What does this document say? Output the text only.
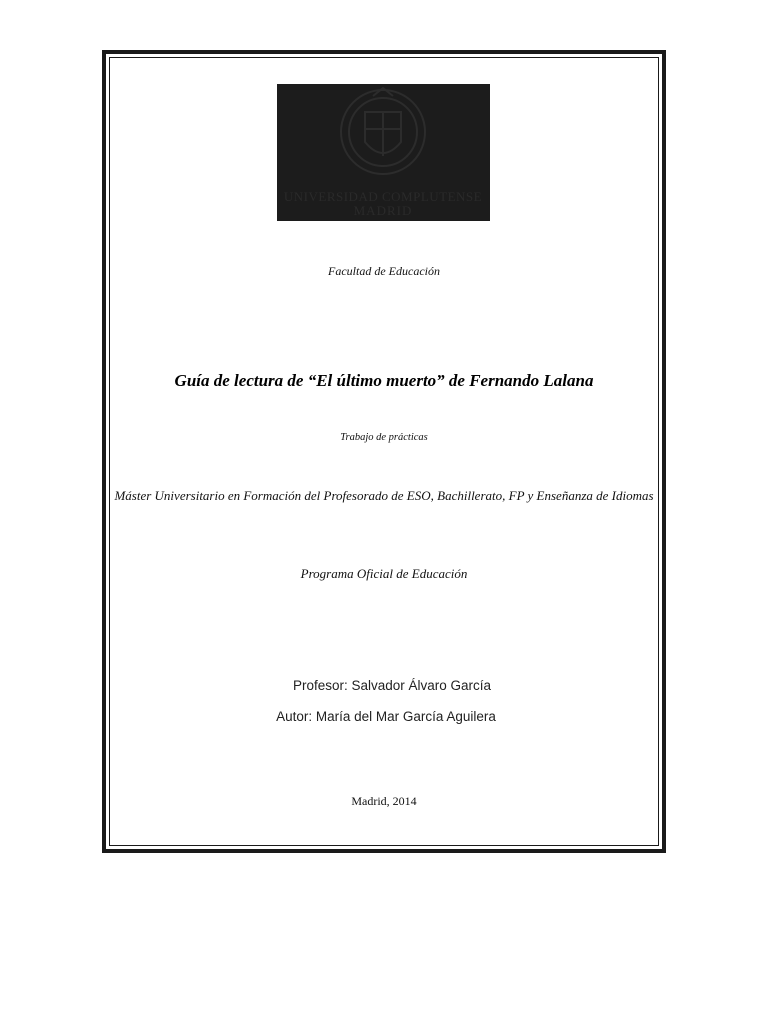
UNIVERSIDAD COMPLUTENSE
MADRID

Facultad de Educación

Guía de lectura de “El último muerto” de Fernando Lalana

Trabajo de prácticas

Máster Universitario en Formación del Profesorado de ESO, Bachillerato, FP y Enseñanza de Idiomas

Programa Oficial de Educación

Profesor: Salvador Álvaro García

Autor: María del Mar García Aguilera

Madrid, 2014
